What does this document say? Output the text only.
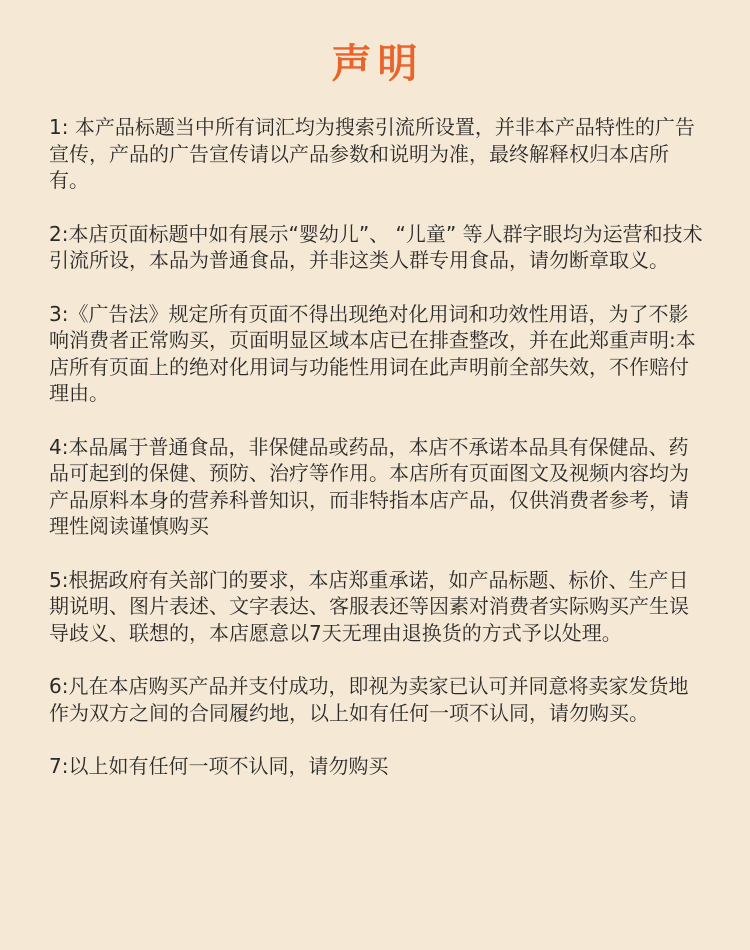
声明

1: 本产品标题当中所有词汇均为搜索引流所设置，并非本产品特性的广告宣传，产品的广告宣传请以产品参数和说明为准，最终解释权归本店所有。

2:本店页面标题中如有展示“婴幼儿”、 “儿童” 等人群字眼均为运营和技术引流所设，本品为普通食品，并非这类人群专用食品，请勿断章取义。

3:《广告法》规定所有页面不得出现绝对化用词和功效性用语，为了不影响消费者正常购买，页面明显区域本店已在排查整改，并在此郑重声明:本店所有页面上的绝对化用词与功能性用词在此声明前全部失效，不作赔付理由。

4:本品属于普通食品，非保健品或药品，本店不承诺本品具有保健品、药品可起到的保健、预防、治疗等作用。本店所有页面图文及视频内容均为产品原料本身的营养科普知识，而非特指本店产品，仅供消费者参考，请理性阅读谨慎购买

5:根据政府有关部门的要求，本店郑重承诺，如产品标题、标价、生产日期说明、图片表述、文字表达、客服表还等因素对消费者实际购买产生误导歧义、联想的，本店愿意以7天无理由退换货的方式予以处理。

6:凡在本店购买产品并支付成功，即视为卖家已认可并同意将卖家发货地作为双方之间的合同履约地，以上如有任何一项不认同，请勿购买。

7:以上如有任何一项不认同，请勿购买
